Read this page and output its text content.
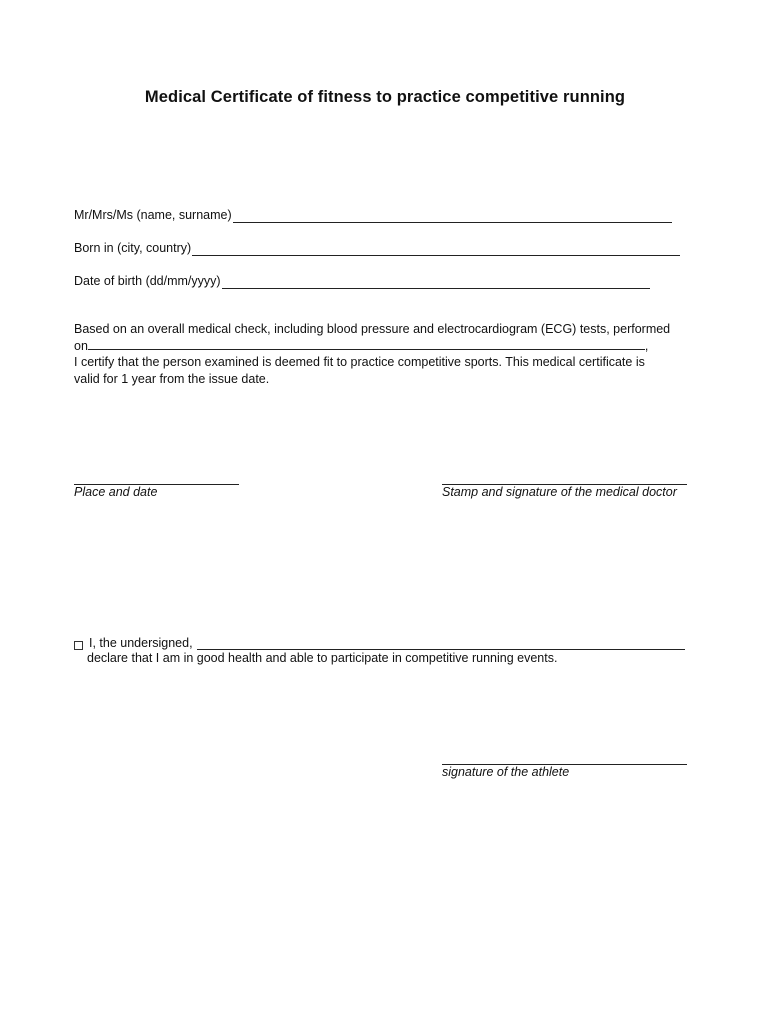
Medical Certificate of fitness to practice competitive running
Mr/Mrs/Ms (name, surname)
Born in (city, country)
Date of birth (dd/mm/yyyy)
Based on an overall medical check, including blood pressure and electrocardiogram (ECG) tests, performed
on	,
I certify that the person examined is deemed fit to practice competitive sports. This medical certificate is
valid for 1 year from the issue date.
Place and date	Stamp and signature of the medical doctor
I, the undersigned,
declare that I am in good health and able to participate in competitive running events.
signature of the athlete
